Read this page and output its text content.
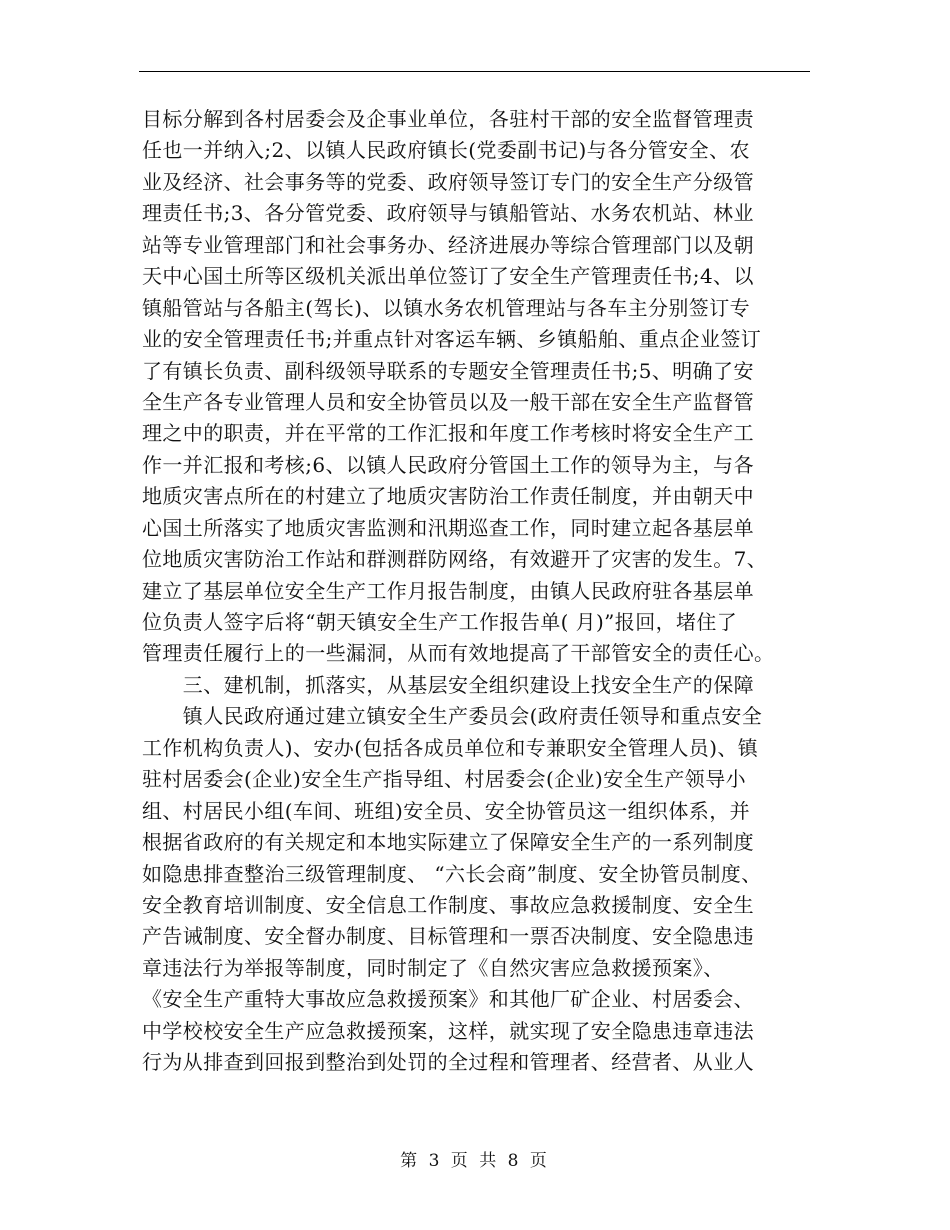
目标分解到各村居委会及企事业单位，各驻村干部的安全监督管理责
任也一并纳入;2、以镇人民政府镇长(党委副书记)与各分管安全、农
业及经济、社会事务等的党委、政府领导签订专门的安全生产分级管
理责任书;3、各分管党委、政府领导与镇船管站、水务农机站、林业
站等专业管理部门和社会事务办、经济进展办等综合管理部门以及朝
天中心国土所等区级机关派出单位签订了安全生产管理责任书;4、以
镇船管站与各船主(驾长)、以镇水务农机管理站与各车主分别签订专
业的安全管理责任书;并重点针对客运车辆、乡镇船舶、重点企业签订
了有镇长负责、副科级领导联系的专题安全管理责任书;5、明确了安
全生产各专业管理人员和安全协管员以及一般干部在安全生产监督管
理之中的职责，并在平常的工作汇报和年度工作考核时将安全生产工
作一并汇报和考核;6、以镇人民政府分管国土工作的领导为主，与各
地质灾害点所在的村建立了地质灾害防治工作责任制度，并由朝天中
心国土所落实了地质灾害监测和汛期巡查工作，同时建立起各基层单
位地质灾害防治工作站和群测群防网络，有效避开了灾害的发生。7、
建立了基层单位安全生产工作月报告制度，由镇人民政府驻各基层单
位负责人签字后将“朝天镇安全生产工作报告单( 月)”报回，堵住了
管理责任履行上的一些漏洞，从而有效地提高了干部管安全的责任心。
　　三、建机制，抓落实，从基层安全组织建设上找安全生产的保障
　　镇人民政府通过建立镇安全生产委员会(政府责任领导和重点安全
工作机构负责人)、安办(包括各成员单位和专兼职安全管理人员)、镇
驻村居委会(企业)安全生产指导组、村居委会(企业)安全生产领导小
组、村居民小组(车间、班组)安全员、安全协管员这一组织体系，并
根据省政府的有关规定和本地实际建立了保障安全生产的一系列制度
如隐患排查整治三级管理制度、 “六长会商”制度、安全协管员制度、
安全教育培训制度、安全信息工作制度、事故应急救援制度、安全生
产告诫制度、安全督办制度、目标管理和一票否决制度、安全隐患违
章违法行为举报等制度，同时制定了《自然灾害应急救援预案》、
《安全生产重特大事故应急救援预案》和其他厂矿企业、村居委会、
中学校校安全生产应急救援预案，这样，就实现了安全隐患违章违法
行为从排查到回报到整治到处罚的全过程和管理者、经营者、从业人
第 3 页 共 8 页
